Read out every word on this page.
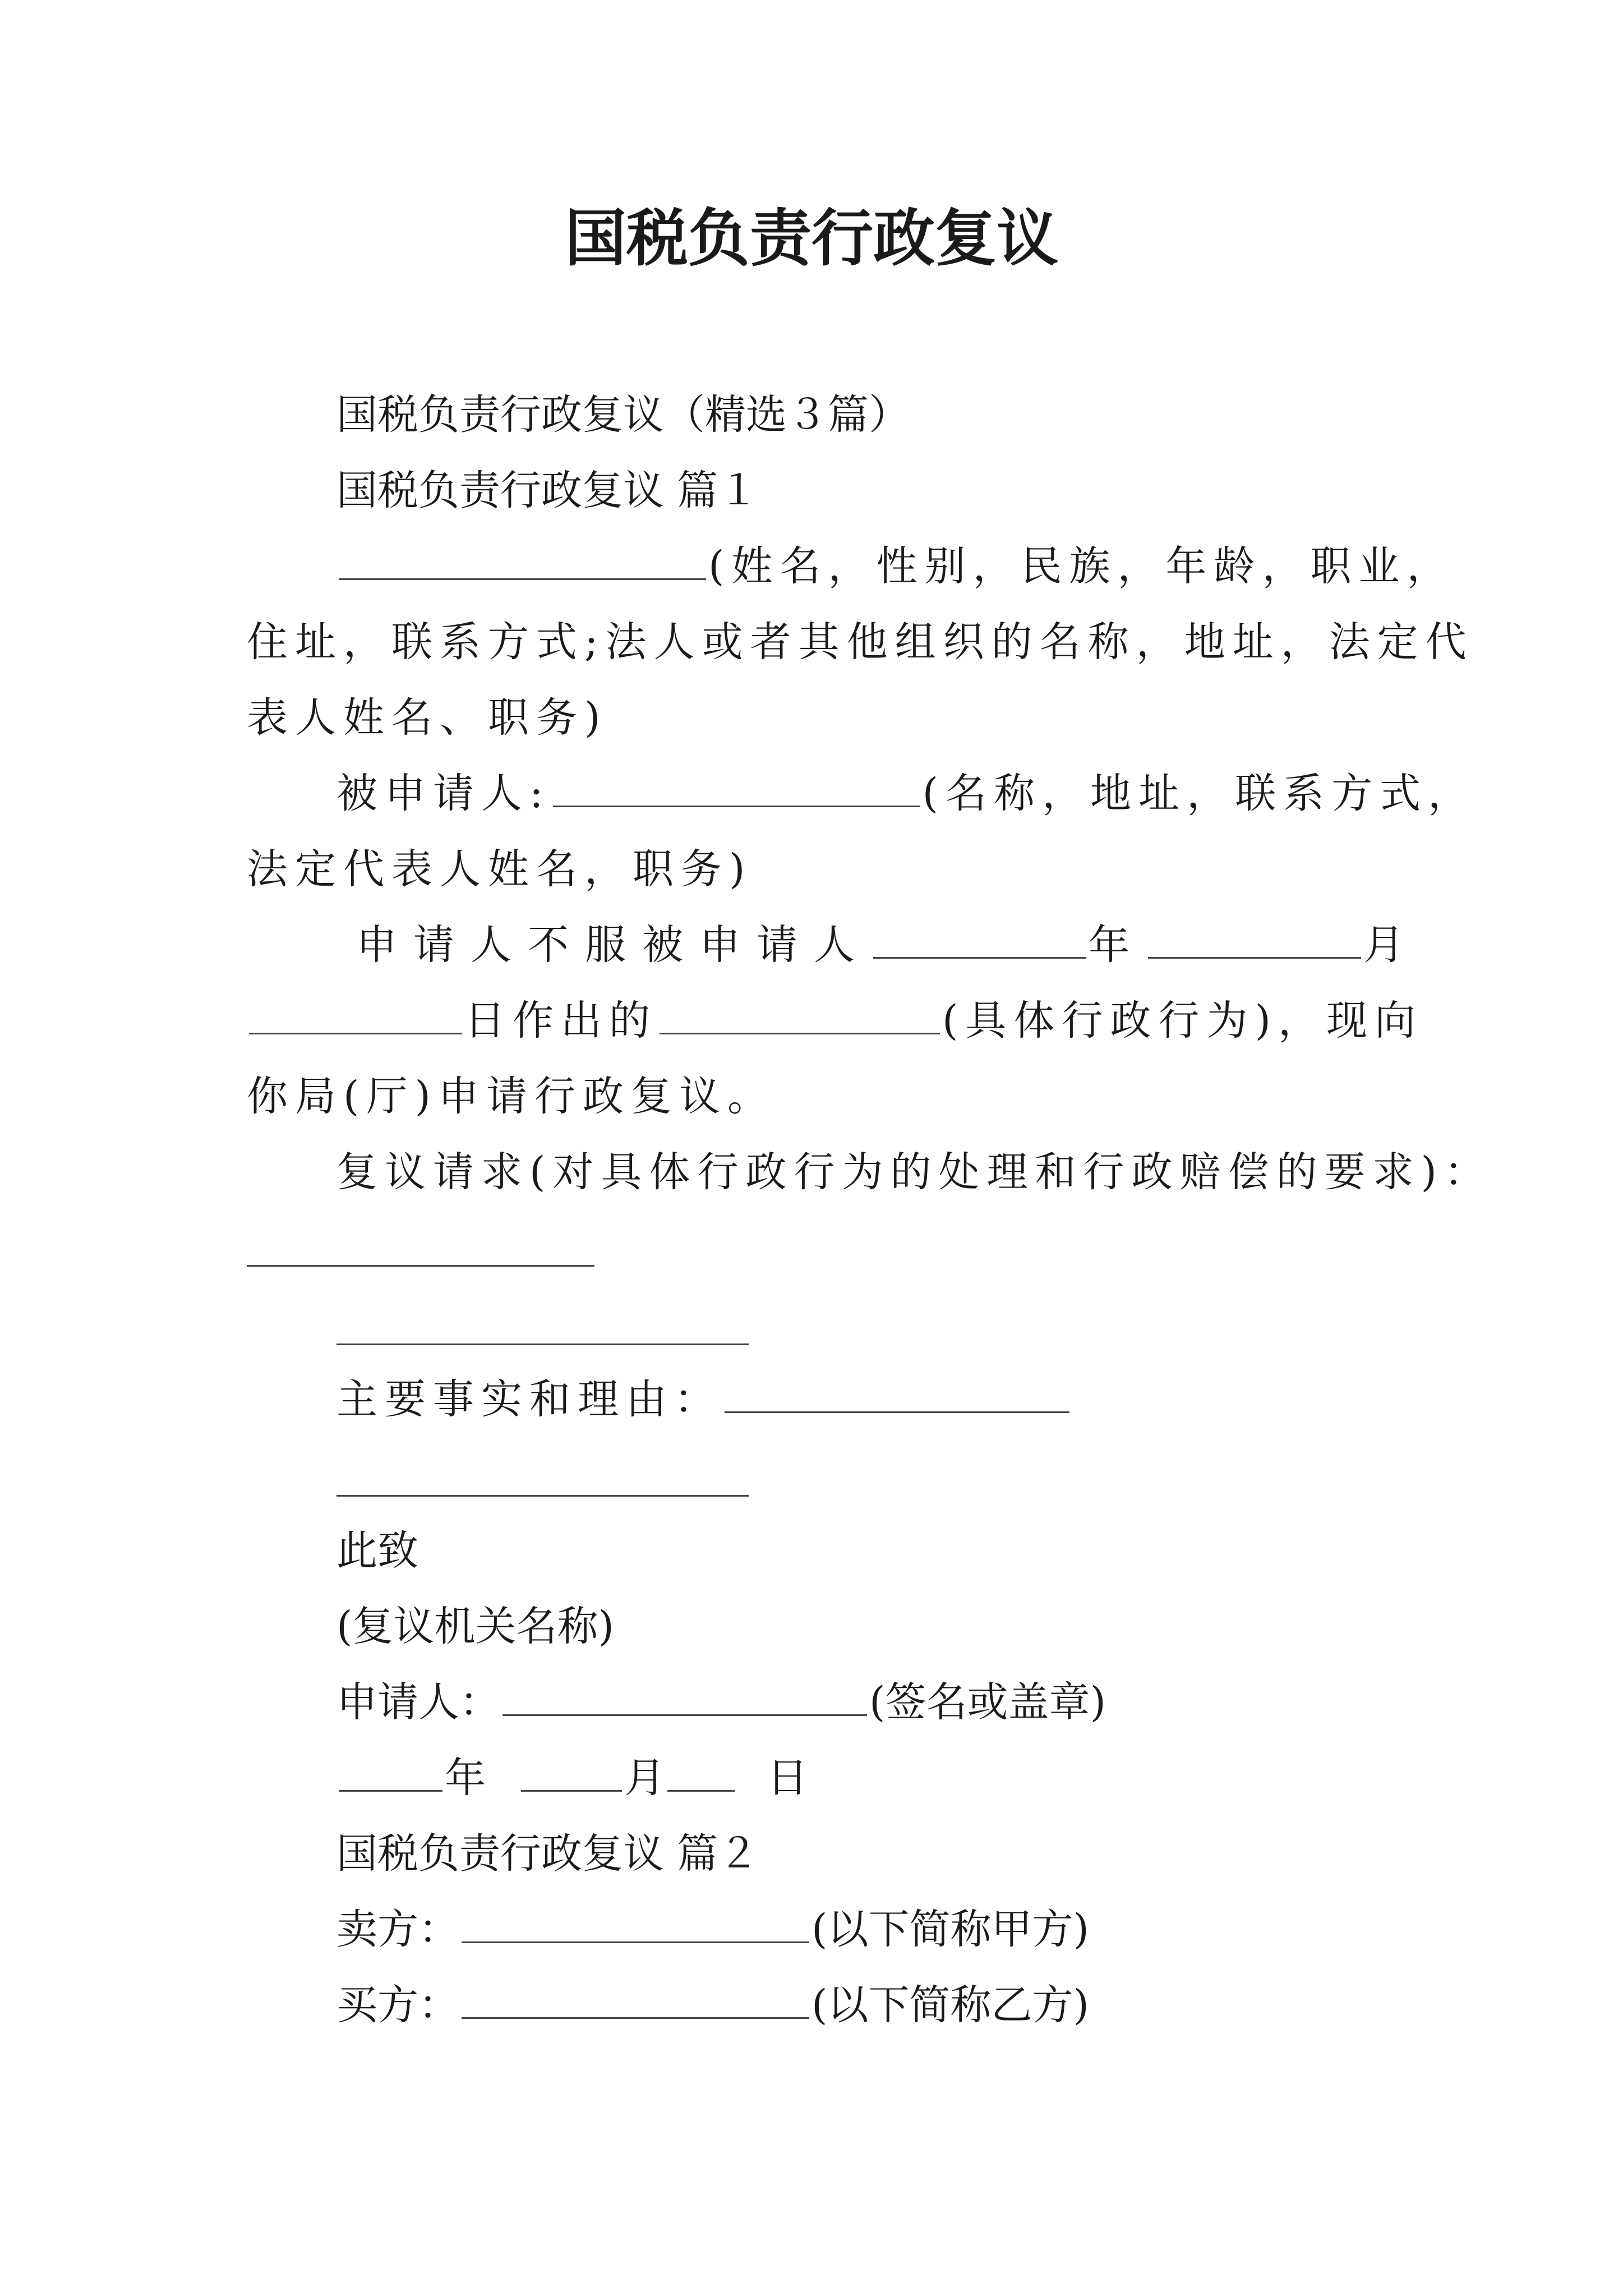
国税负责行政复议
国税负责行政复议（精选３篇）
国税负责行政复议 篇１
(姓名，性别，民族，年龄，职业，
住址，联系方式;法人或者其他组织的名称，地址，法定代
表人姓名、职务)
被申请人:	(名称，地址，联系方式，
法定代表人姓名，职务)
申请人不服被申请人	年	月
日作出的	(具体行政行为)，现向
你局(厅)申请行政复议。
复议请求(对具体行政行为的处理和行政赔偿的要求)：
主要事实和理由：
此致
(复议机关名称)
申请人：	(签名或盖章)
年	月 日
国税负责行政复议 篇２
卖方：	(以下简称甲方)
买方：	(以下简称乙方)
